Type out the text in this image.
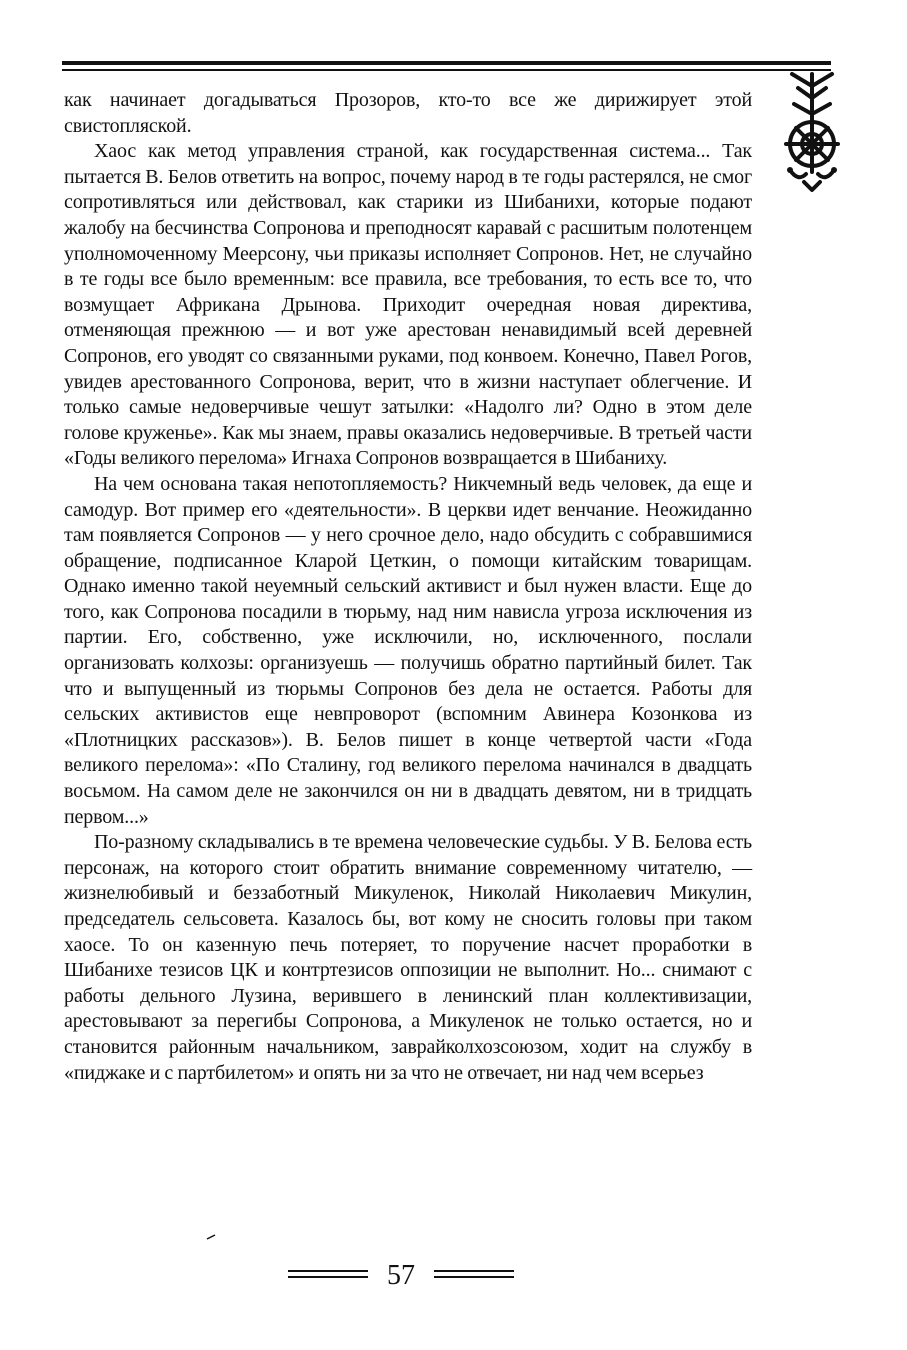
как начинает догадываться Прозоров, кто-то все же дирижирует этой свистопляской.

Хаос как метод управления страной, как государственная система... Так пытается В. Белов ответить на вопрос, почему народ в те годы растерялся, не смог сопротивляться или действовал, как старики из Шибанихи, которые подают жалобу на бесчинства Сопронова и преподносят каравай с расшитым полотенцем уполномоченному Меерсону, чьи приказы исполняет Сопронов. Нет, не случайно в те годы все было временным: все правила, все требования, то есть все то, что возмущает Африкана Дрынова. Приходит очередная новая директива, отменяющая прежнюю — и вот уже арестован ненавидимый всей деревней Сопронов, его уводят со связанными руками, под конвоем. Конечно, Павел Рогов, увидев арестованного Сопронова, верит, что в жизни наступает облегчение. И только самые недоверчивые чешут затылки: «Надолго ли? Одно в этом деле голове круженье». Как мы знаем, правы оказались недоверчивые. В третьей части «Годы великого перелома» Игнаха Сопронов возвращается в Шибаниху.

На чем основана такая непотопляемость? Никчемный ведь человек, да еще и самодур. Вот пример его «деятельности». В церкви идет венчание. Неожиданно там появляется Сопронов — у него срочное дело, надо обсудить с собравшимися обращение, подписанное Кларой Цеткин, о помощи китайским товарищам. Однако именно такой неуемный сельский активист и был нужен власти. Еще до того, как Сопронова посадили в тюрьму, над ним нависла угроза исключения из партии. Его, собственно, уже исключили, но, исключенного, послали организовать колхозы: организуешь — получишь обратно партийный билет. Так что и выпущенный из тюрьмы Сопронов без дела не остается. Работы для сельских активистов еще невпроворот (вспомним Авинера Козонкова из «Плотницких рассказов»). В. Белов пишет в конце четвертой части «Года великого перелома»: «По Сталину, год великого перелома начинался в двадцать восьмом. На самом деле не закончился он ни в двадцать девятом, ни в тридцать первом...»

По-разному складывались в те времена человеческие судьбы. У В. Белова есть персонаж, на которого стоит обратить внимание современному читателю, — жизнелюбивый и беззаботный Микуленок, Николай Николаевич Микулин, председатель сельсовета. Казалось бы, вот кому не сносить головы при таком хаосе. То он казенную печь потеряет, то поручение насчет проработки в Шибанихе тезисов ЦК и контртезисов оппозиции не выполнит. Но... снимают с работы дельного Лузина, верившего в ленинский план коллективизации, арестовывают за перегибы Сопронова, а Микуленок не только остается, но и становится районным начальником, заврайколхозсоюзом, ходит на службу в «пиджаке и с партбилетом» и опять ни за что не отвечает, ни над чем всерьез

57
